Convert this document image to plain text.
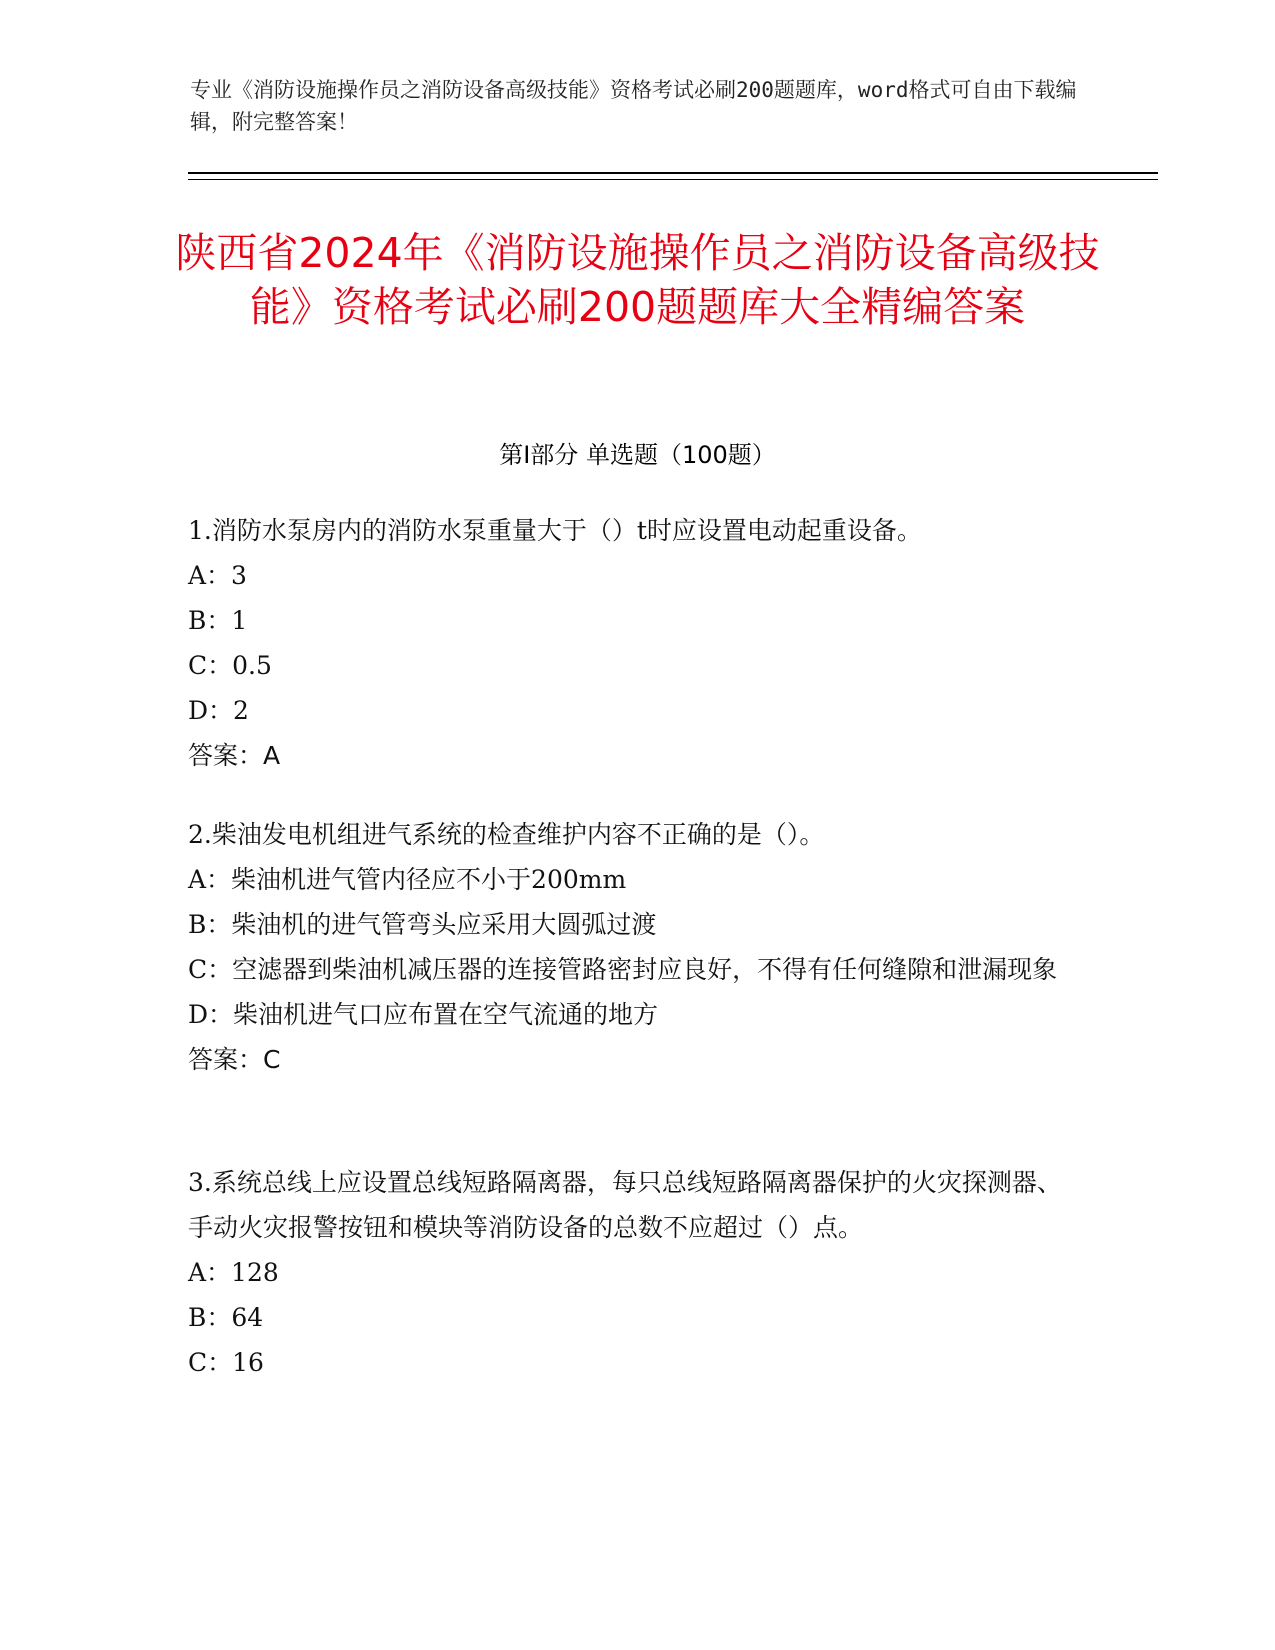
专业《消防设施操作员之消防设备高级技能》资格考试必刷200题题库，word格式可自由下载编辑，附完整答案！
陕西省2024年《消防设施操作员之消防设备高级技能》资格考试必刷200题题库大全精编答案
第Ⅰ部分 单选题（100题）

1.消防水泵房内的消防水泵重量大于（）t时应设置电动起重设备。

A：3

B：1

C：0.5

D：2

答案：A

2.柴油发电机组进气系统的检查维护内容不正确的是（）。

A：柴油机进气管内径应不小于200mm

B：柴油机的进气管弯头应采用大圆弧过渡

C：空滤器到柴油机减压器的连接管路密封应良好，不得有任何缝隙和泄漏现象

D：柴油机进气口应布置在空气流通的地方

答案：C

3.系统总线上应设置总线短路隔离器，每只总线短路隔离器保护的火灾探测器、手动火灾报警按钮和模块等消防设备的总数不应超过（）点。

A：128

B：64

C：16
